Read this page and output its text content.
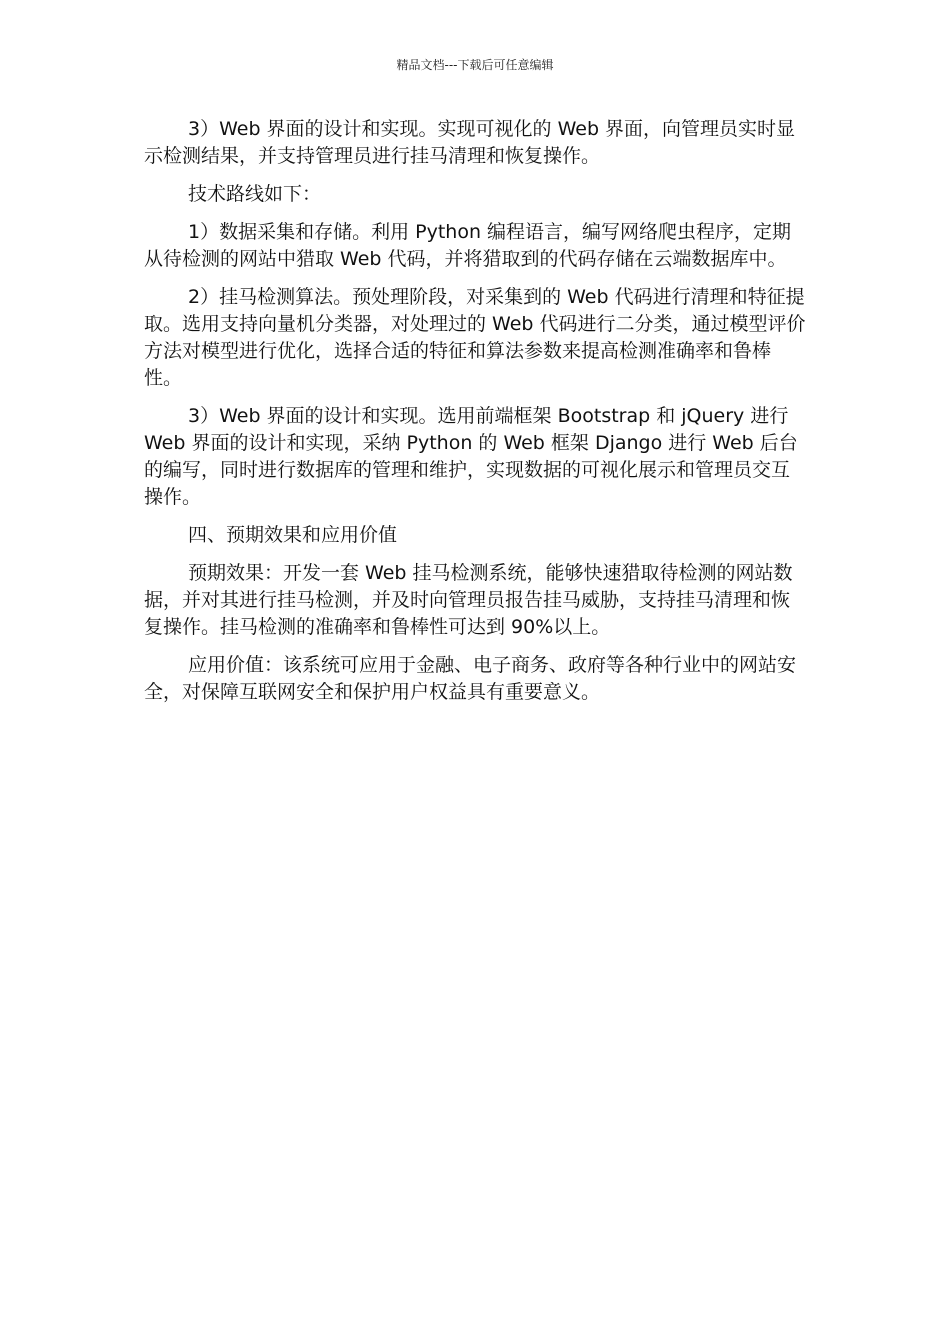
精品文档---下载后可任意编辑

3）Web 界面的设计和实现。实现可视化的 Web 界面，向管理员实时显示检测结果，并支持管理员进行挂马清理和恢复操作。

技术路线如下：

1）数据采集和存储。利用 Python 编程语言，编写网络爬虫程序，定期从待检测的网站中猎取 Web 代码，并将猎取到的代码存储在云端数据库中。

2）挂马检测算法。预处理阶段，对采集到的 Web 代码进行清理和特征提取。选用支持向量机分类器，对处理过的 Web 代码进行二分类，通过模型评价方法对模型进行优化，选择合适的特征和算法参数来提高检测准确率和鲁棒性。

3）Web 界面的设计和实现。选用前端框架 Bootstrap 和 jQuery 进行 Web 界面的设计和实现，采纳 Python 的 Web 框架 Django 进行 Web 后台的编写，同时进行数据库的管理和维护，实现数据的可视化展示和管理员交互操作。

四、预期效果和应用价值

预期效果：开发一套 Web 挂马检测系统，能够快速猎取待检测的网站数据，并对其进行挂马检测，并及时向管理员报告挂马威胁，支持挂马清理和恢复操作。挂马检测的准确率和鲁棒性可达到 90%以上。

应用价值：该系统可应用于金融、电子商务、政府等各种行业中的网站安全，对保障互联网安全和保护用户权益具有重要意义。
